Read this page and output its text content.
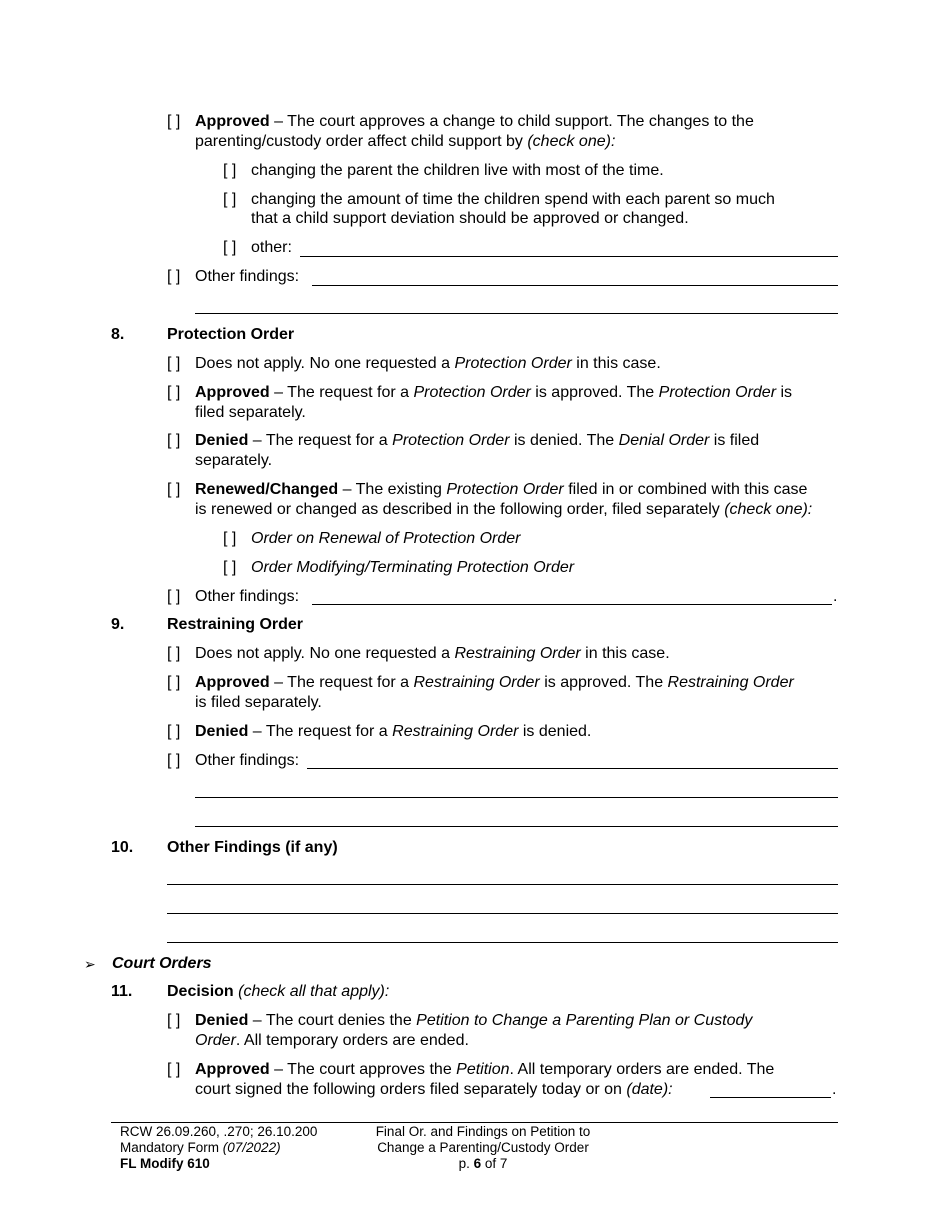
[ ] Approved – The court approves a change to child support. The changes to the
parenting/custody order affect child support by (check one):
[ ] changing the parent the children live with most of the time.
[ ] changing the amount of time the children spend with each parent so much
that a child support deviation should be approved or changed.
[ ] other:
[ ] Other findings:
8.	Protection Order
[ ] Does not apply. No one requested a Protection Order in this case.
[ ] Approved – The request for a Protection Order is approved. The Protection Order is
filed separately.
[ ] Denied – The request for a Protection Order is denied. The Denial Order is filed
separately.
[ ] Renewed/Changed – The existing Protection Order filed in or combined with this case
is renewed or changed as described in the following order, filed separately (check one):
[ ] Order on Renewal of Protection Order
[ ] Order Modifying/Terminating Protection Order
[ ] Other findings:	.
9.	Restraining Order
[ ] Does not apply. No one requested a Restraining Order in this case.
[ ] Approved – The request for a Restraining Order is approved. The Restraining Order
is filed separately.
[ ] Denied – The request for a Restraining Order is denied.
[ ] Other findings:
10. Other Findings (if any)
➢ Court Orders
11. Decision (check all that apply):
[ ] Denied – The court denies the Petition to Change a Parenting Plan or Custody
Order. All temporary orders are ended.
[ ] Approved – The court approves the Petition. All temporary orders are ended. The
court signed the following orders filed separately today or on (date):	.
RCW 26.09.260, .270; 26.10.200
Mandatory Form (07/2022)
FL Modify 610
Final Or. and Findings on Petition to
Change a Parenting/Custody Order
p. 6 of 7
